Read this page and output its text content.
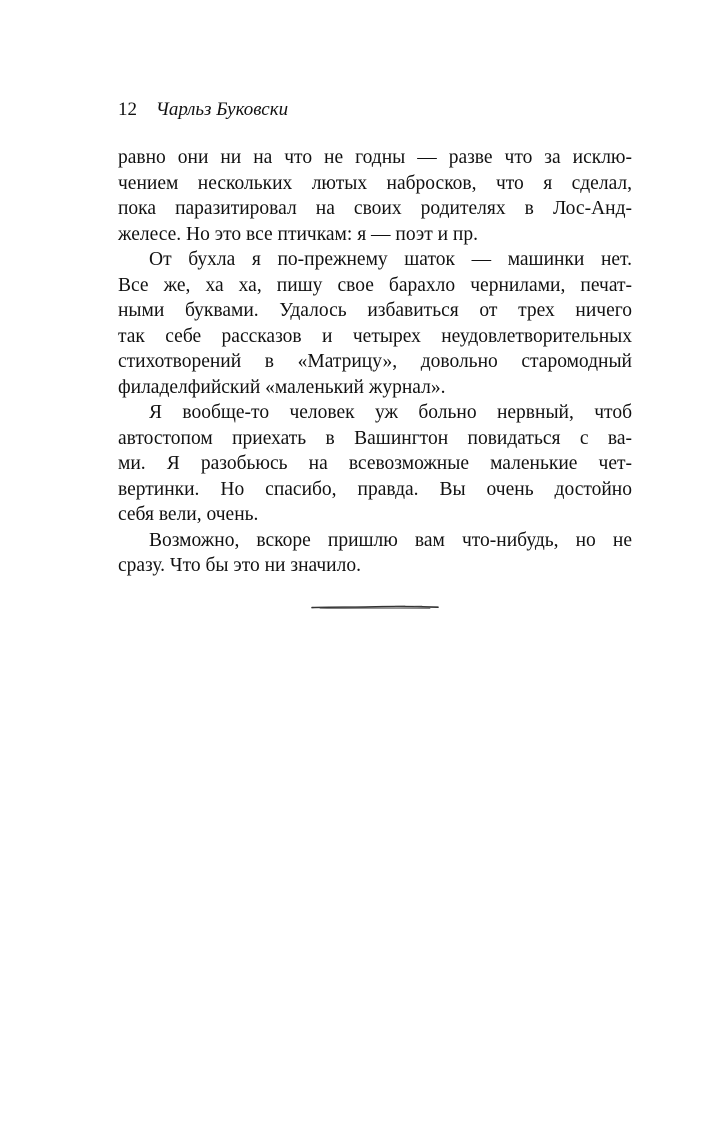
12 Чарльз Буковски
равно они ни на что не годны — разве что за исклю-
чением нескольких лютых набросков, что я сделал,
пока паразитировал на своих родителях в Лос-Анд-
желесе. Но это все птичкам: я — поэт и пр.
От бухла я по-прежнему шаток — машинки нет.
Все же, ха ха, пишу свое барахло чернилами, печат-
ными буквами. Удалось избавиться от трех ничего
так себе рассказов и четырех неудовлетворительных
стихотворений в «Матрицу», довольно старомодный
филаделфийский «маленький журнал».
Я вообще-то человек уж больно нервный, чтоб
автостопом приехать в Вашингтон повидаться с ва-
ми. Я разобьюсь на всевозможные маленькие чет-
вертинки. Но спасибо, правда. Вы очень достойно
себя вели, очень.
Возможно, вскоре пришлю вам что-нибудь, но не
сразу. Что бы это ни значило.
